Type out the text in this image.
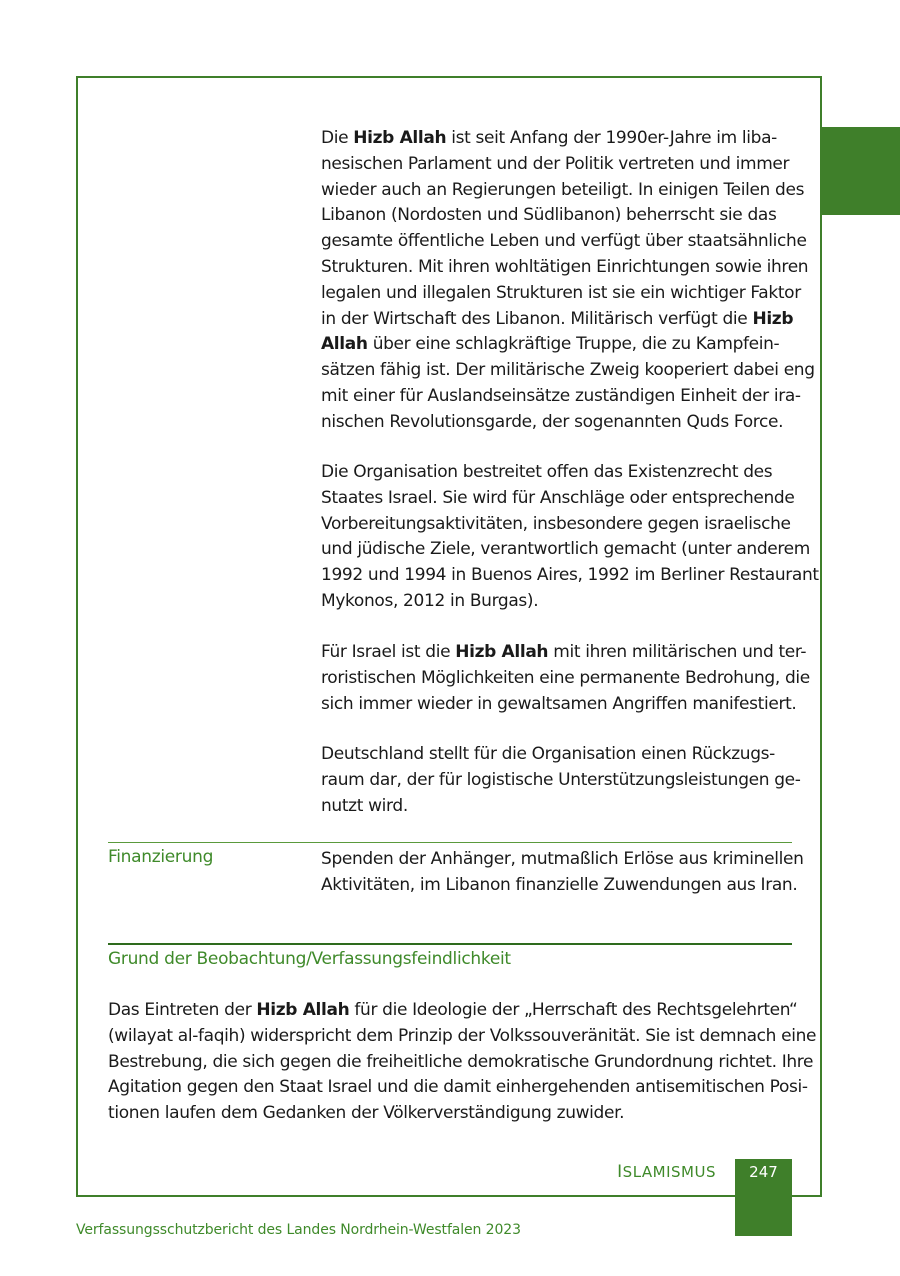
Die Hizb Allah ist seit Anfang der 1990er-Jahre im liba-
nesischen Parlament und der Politik vertreten und immer
wieder auch an Regierungen beteiligt. In einigen Teilen des
Libanon (Nordosten und Südlibanon) beherrscht sie das
gesamte öffentliche Leben und verfügt über staatsähnliche
Strukturen. Mit ihren wohltätigen Einrichtungen sowie ihren
legalen und illegalen Strukturen ist sie ein wichtiger Faktor
in der Wirtschaft des Libanon. Militärisch verfügt die Hizb
Allah über eine schlagkräftige Truppe, die zu Kampfein-
sätzen fähig ist. Der militärische Zweig kooperiert dabei eng
mit einer für Auslandseinsätze zuständigen Einheit der ira-
nischen Revolutionsgarde, der sogenannten Quds Force.
Die Organisation bestreitet offen das Existenzrecht des
Staates Israel. Sie wird für Anschläge oder entsprechende
Vorbereitungsaktivitäten, insbesondere gegen israelische
und jüdische Ziele, verantwortlich gemacht (unter anderem
1992 und 1994 in Buenos Aires, 1992 im Berliner Restaurant
Mykonos, 2012 in Burgas).
Für Israel ist die Hizb Allah mit ihren militärischen und ter-
roristischen Möglichkeiten eine permanente Bedrohung, die
sich immer wieder in gewaltsamen Angriffen manifestiert.
Deutschland stellt für die Organisation einen Rückzugs-
raum dar, der für logistische Unterstützungsleistungen ge-
nutzt wird.
Finanzierung	Spenden der Anhänger, mutmaßlich Erlöse aus kriminellen
Aktivitäten, im Libanon finanzielle Zuwendungen aus Iran.
Grund der Beobachtung/Verfassungsfeindlichkeit
Das Eintreten der Hizb Allah für die Ideologie der „Herrschaft des Rechtsgelehrten“
(wilayat al-faqih) widerspricht dem Prinzip der Volkssouveränität. Sie ist demnach eine
Bestrebung, die sich gegen die freiheitliche demokratische Grundordnung richtet. Ihre
Agitation gegen den Staat Israel und die damit einhergehenden antisemitischen Posi-
tionen laufen dem Gedanken der Völkerverständigung zuwider.
ISLAMISMUS	247
Verfassungsschutzbericht des Landes Nordrhein-Westfalen 2023
